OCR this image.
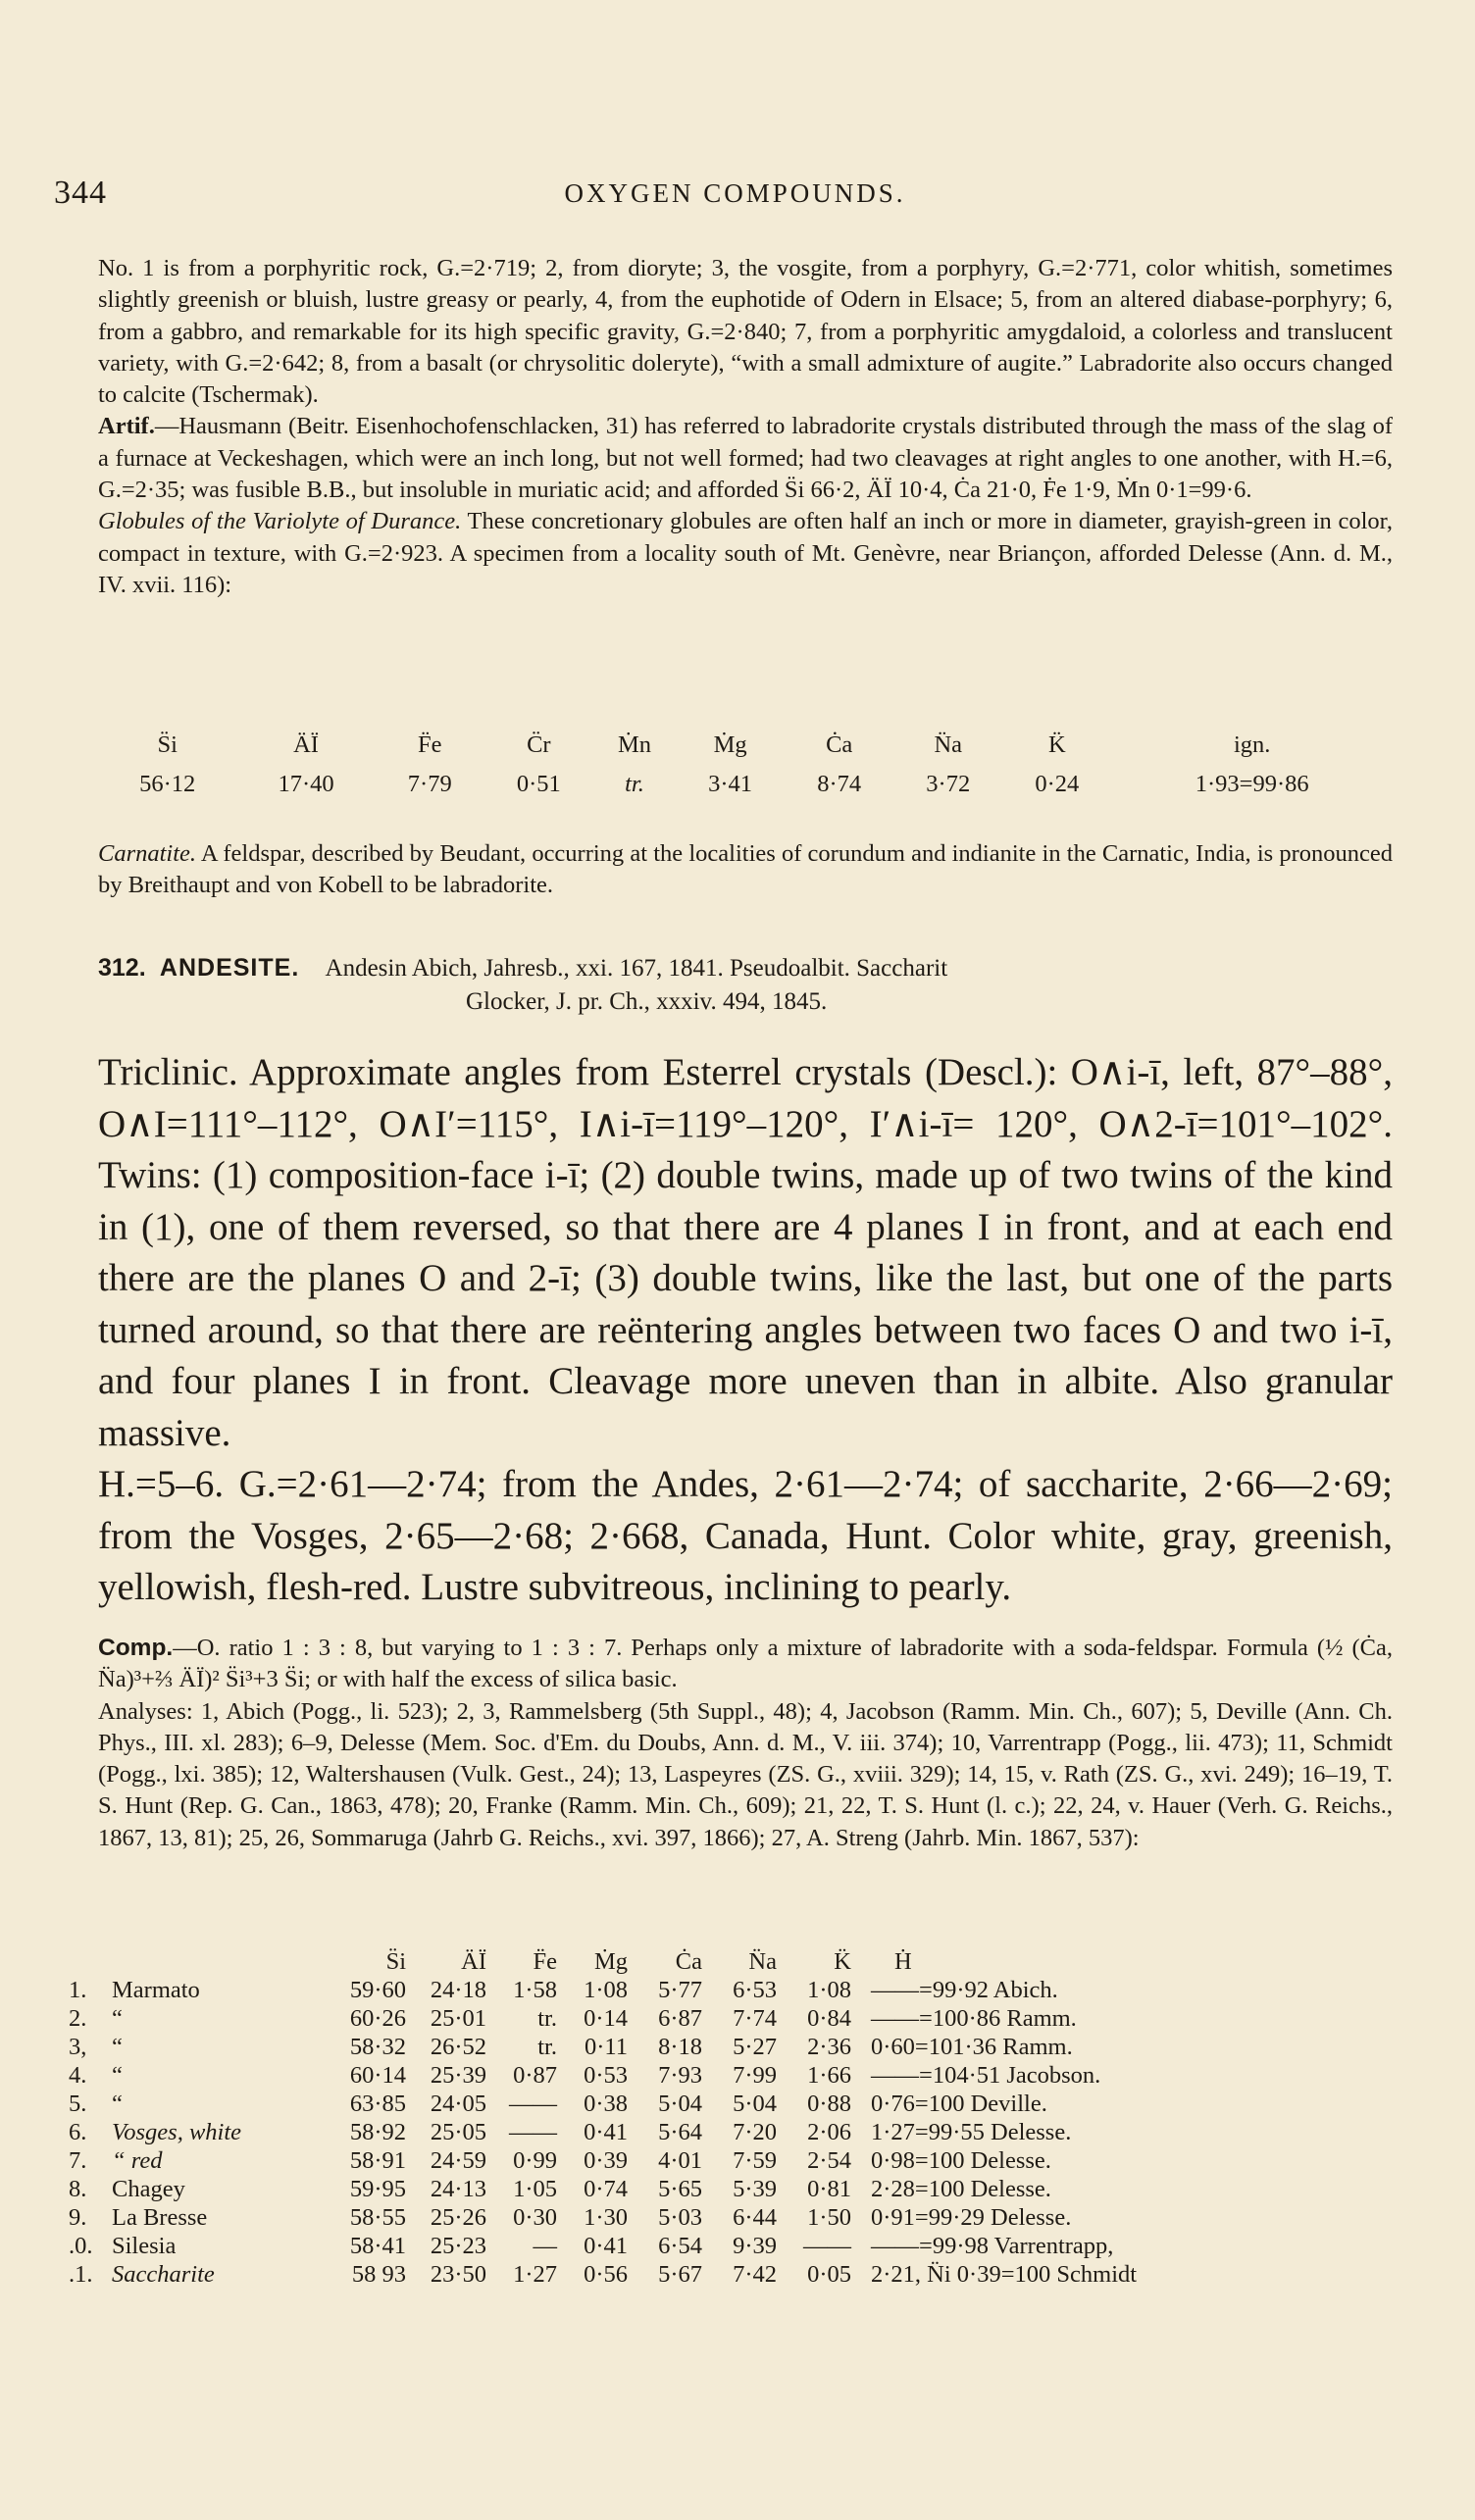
344	OXYGEN COMPOUNDS.

No. 1 is from a porphyritic rock, G.=2·719; 2, from dioryte; 3, the vosgite, from a porphyry, G.=2·771, color whitish, sometimes slightly greenish or bluish, lustre greasy or pearly, 4, from the euphotide of Odern in Elsace; 5, from an altered diabase-porphyry; 6, from a gabbro, and remarkable for its high specific gravity, G.=2·840; 7, from a porphyritic amygdaloid, a colorless and translucent variety, with G.=2·642; 8, from a basalt (or chrysolitic doleryte), “with a small admixture of augite.” Labradorite also occurs changed to calcite (Tschermak).

Artif.—Hausmann (Beitr. Eisenhochofenschlacken, 31) has referred to labradorite crystals distributed through the mass of the slag of a furnace at Veckeshagen, which were an inch long, but not well formed; had two cleavages at right angles to one another, with H.=6, G.=2·35; was fusible B.B., but insoluble in muriatic acid; and afforded S̈i 66·2, ÄÏ 10·4, Ċa 21·0, Ḟe 1·9, Ṁn 0·1=99·6.

Globules of the Variolyte of Durance. These concretionary globules are often half an inch or more in diameter, grayish-green in color, compact in texture, with G.=2·923. A specimen from a locality south of Mt. Genèvre, near Briançon, afforded Delesse (Ann. d. M., IV. xvii. 116):

S̈i	ÄÏ	F̈e	C̈r	Ṁn	Ṁg	Ċa	N̈a	K̈	ign.
56·12	17·40	7·79	0·51	tr.	3·41	8·74	3·72	0·24	1·93=99·86

Carnatite. A feldspar, described by Beudant, occurring at the localities of corundum and indianite in the Carnatic, India, is pronounced by Breithaupt and von Kobell to be labradorite.

312. ANDESITE. Andesin Abich, Jahresb., xxi. 167, 1841. Pseudoalbit. Saccharit
Glocker, J. pr. Ch., xxxiv. 494, 1845.

Triclinic. Approximate angles from Esterrel crystals (Descl.): O∧i-ī, left, 87°–88°, O∧I=111°–112°, O∧I′=115°, I∧i-ī=119°–120°, I′∧i-ī= 120°, O∧2-ī=101°–102°. Twins: (1) composition-face i-ī; (2) double twins, made up of two twins of the kind in (1), one of them reversed, so that there are 4 planes I in front, and at each end there are the planes O and 2-ī; (3) double twins, like the last, but one of the parts turned around, so that there are reëntering angles between two faces O and two i-ī, and four planes I in front. Cleavage more uneven than in albite. Also granular massive.

H.=5–6. G.=2·61—2·74; from the Andes, 2·61—2·74; of saccharite, 2·66—2·69; from the Vosges, 2·65—2·68; 2·668, Canada, Hunt. Color white, gray, greenish, yellowish, flesh-red. Lustre subvitreous, inclining to pearly.

Comp.—O. ratio 1 : 3 : 8, but varying to 1 : 3 : 7. Perhaps only a mixture of labradorite with a soda-feldspar. Formula (½ (Ċa, N̈a)³+⅔ ÄÏ)² S̈i³+3 S̈i; or with half the excess of silica basic.

Analyses: 1, Abich (Pogg., li. 523); 2, 3, Rammelsberg (5th Suppl., 48); 4, Jacobson (Ramm. Min. Ch., 607); 5, Deville (Ann. Ch. Phys., III. xl. 283); 6–9, Delesse (Mem. Soc. d'Em. du Doubs, Ann. d. M., V. iii. 374); 10, Varrentrapp (Pogg., lii. 473); 11, Schmidt (Pogg., lxi. 385); 12, Waltershausen (Vulk. Gest., 24); 13, Laspeyres (ZS. G., xviii. 329); 14, 15, v. Rath (ZS. G., xvi. 249); 16–19, T. S. Hunt (Rep. G. Can., 1863, 478); 20, Franke (Ramm. Min. Ch., 609); 21, 22, T. S. Hunt (l. c.); 22, 24, v. Hauer (Verh. G. Reichs., 1867, 13, 81); 25, 26, Sommaruga (Jahrb G. Reichs., xvi. 397, 1866); 27, A. Streng (Jahrb. Min. 1867, 537):

		S̈i	ÄÏ	F̈e	Ṁg	Ċa	N̈a	K̈	Ḣ
1.	Marmato	59·60	24·18	1·58	1·08	5·77	6·53	1·08	——=99·92 Abich.
2.	“	60·26	25·01	tr.	0·14	6·87	7·74	0·84	——=100·86 Ramm.
3,	“	58·32	26·52	tr.	0·11	8·18	5·27	2·36	0·60=101·36 Ramm.
4.	“	60·14	25·39	0·87	0·53	7·93	7·99	1·66	——=104·51 Jacobson.
5.	“	63·85	24·05	——	0·38	5·04	5·04	0·88	0·76=100 Deville.
6.	Vosges, white	58·92	25·05	——	0·41	5·64	7·20	2·06	1·27=99·55 Delesse.
7.	“ red	58·91	24·59	0·99	0·39	4·01	7·59	2·54	0·98=100 Delesse.
8.	Chagey	59·95	24·13	1·05	0·74	5·65	5·39	0·81	2·28=100 Delesse.
9.	La Bresse	58·55	25·26	0·30	1·30	5·03	6·44	1·50	0·91=99·29 Delesse.
.0.	Silesia	58·41	25·23	—	0·41	6·54	9·39	——	——=99·98 Varrentrapp,
.1.	Saccharite	58 93	23·50	1·27	0·56	5·67	7·42	0·05	2·21, N̈i 0·39=100 Schmidt
